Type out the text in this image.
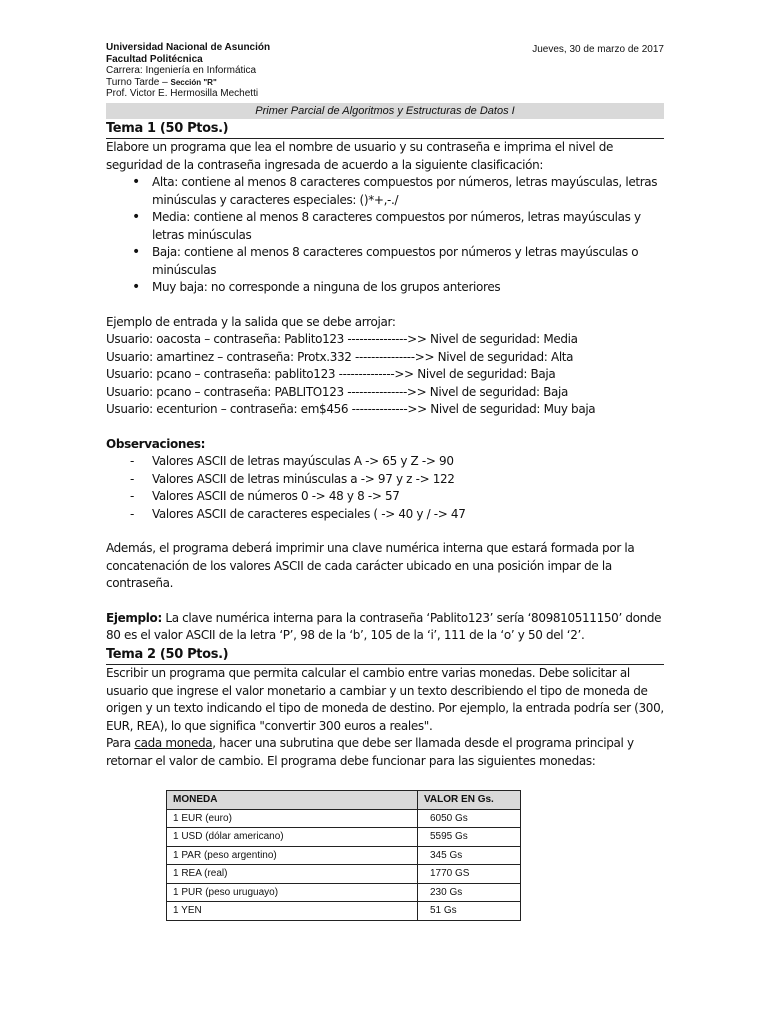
Universidad Nacional de Asunción
Facultad Politécnica
Carrera: Ingeniería en Informática
Turno Tarde – Sección "R"
Prof. Victor E. Hermosilla Mechetti
Jueves, 30 de marzo de 2017
Primer Parcial de Algoritmos y Estructuras de Datos I
Tema 1 (50 Ptos.)

Elabore un programa que lea el nombre de usuario y su contraseña e imprima el nivel de seguridad de la contraseña ingresada de acuerdo a la siguiente clasificación:

• Alta: contiene al menos 8 caracteres compuestos por números, letras mayúsculas, letras minúsculas y caracteres especiales: ()*+,-./
• Media: contiene al menos 8 caracteres compuestos por números, letras mayúsculas y letras minúsculas
• Baja: contiene al menos 8 caracteres compuestos por números y letras mayúsculas o minúsculas
• Muy baja: no corresponde a ninguna de los grupos anteriores

Ejemplo de entrada y la salida que se debe arrojar:

Usuario: oacosta – contraseña: Pablito123 --------------->> Nivel de seguridad: Media

Usuario: amartinez – contraseña: Protx.332 --------------->> Nivel de seguridad: Alta

Usuario: pcano – contraseña: pablito123 -------------->> Nivel de seguridad: Baja

Usuario: pcano – contraseña: PABLITO123 --------------->> Nivel de seguridad: Baja

Usuario: ecenturion – contraseña: em$456 -------------->> Nivel de seguridad: Muy baja

Observaciones:

- Valores ASCII de letras mayúsculas A -> 65 y Z -> 90
- Valores ASCII de letras minúsculas a -> 97 y z -> 122
- Valores ASCII de números 0 -> 48 y 8 -> 57
- Valores ASCII de caracteres especiales ( -> 40 y / -> 47

Además, el programa deberá imprimir una clave numérica interna que estará formada por la concatenación de los valores ASCII de cada carácter ubicado en una posición impar de la contraseña.

Ejemplo: La clave numérica interna para la contraseña ‘Pablito123’ sería ‘809810511150’ donde 80 es el valor ASCII de la letra ‘P’, 98 de la ‘b’, 105 de la ‘i’, 111 de la ‘o’ y 50 del ‘2’.

Tema 2 (50 Ptos.)

Escribir un programa que permita calcular el cambio entre varias monedas. Debe solicitar al usuario que ingrese el valor monetario a cambiar y un texto describiendo el tipo de moneda de origen y un texto indicando el tipo de moneda de destino. Por ejemplo, la entrada podría ser (300, EUR, REA), lo que significa "convertir 300 euros a reales".

Para cada moneda, hacer una subrutina que debe ser llamada desde el programa principal y retornar el valor de cambio. El programa debe funcionar para las siguientes monedas:

MONEDA	VALOR EN Gs.
1 EUR (euro)	6050 Gs
1 USD (dólar americano)	5595 Gs
1 PAR (peso argentino)	345 Gs
1 REA (real)	1770 GS
1 PUR (peso uruguayo)	230 Gs
1 YEN	51 Gs
